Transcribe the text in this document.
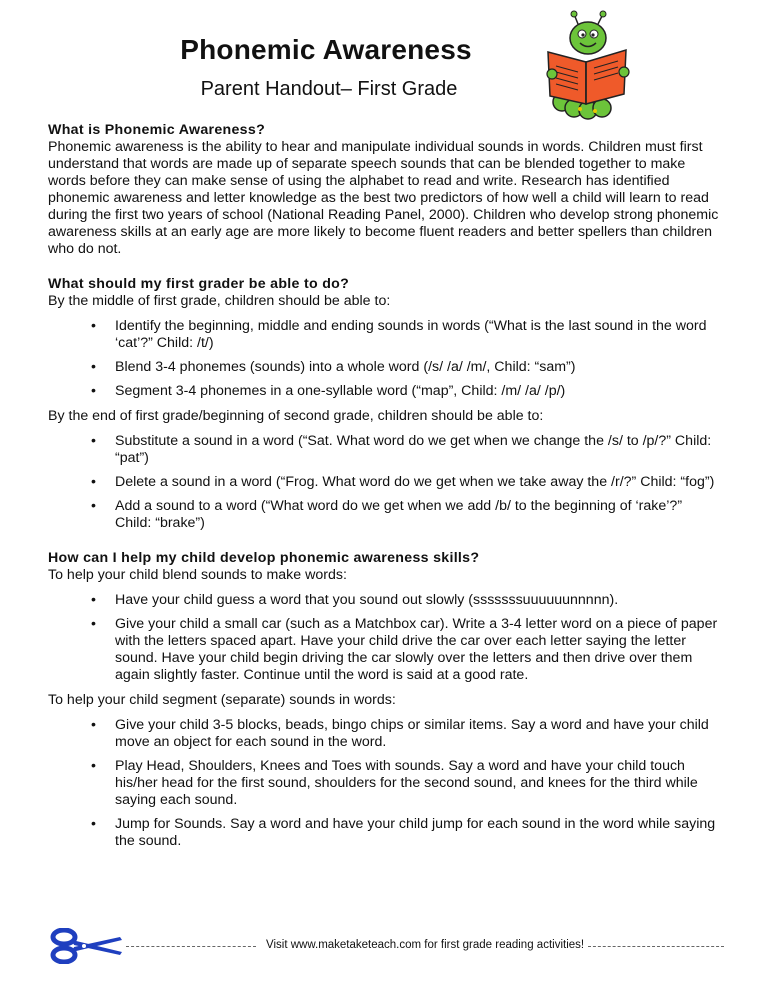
Phonemic Awareness
Parent Handout– First Grade

What is Phonemic Awareness?

Phonemic awareness is the ability to hear and manipulate individual sounds in words. Children must first understand that words are made up of separate speech sounds that can be blended together to make words before they can make sense of using the alphabet to read and write. Research has identified phonemic awareness and letter knowledge as the best two predictors of how well a child will learn to read during the first two years of school (National Reading Panel, 2000). Children who develop strong phonemic awareness skills at an early age are more likely to become fluent readers and better spellers than children who do not.

What should my first grader be able to do?

By the middle of first grade, children should be able to:

• Identify the beginning, middle and ending sounds in words (“What is the last sound in the word ‘cat’?” Child: /t/)
• Blend 3-4 phonemes (sounds) into a whole word (/s/ /a/ /m/, Child: “sam”)
• Segment 3-4 phonemes in a one-syllable word (“map”, Child: /m/ /a/ /p/)

By the end of first grade/beginning of second grade, children should be able to:

• Substitute a sound in a word (“Sat. What word do we get when we change the /s/ to /p/?” Child: “pat”)
• Delete a sound in a word (“Frog. What word do we get when we take away the /r/?” Child: “fog”)
• Add a sound to a word (“What word do we get when we add /b/ to the beginning of ‘rake’?” Child: “brake”)

How can I help my child develop phonemic awareness skills?

To help your child blend sounds to make words:

• Have your child guess a word that you sound out slowly (sssssssuuuuuunnnnn).
• Give your child a small car (such as a Matchbox car). Write a 3-4 letter word on a piece of paper with the letters spaced apart. Have your child drive the car over each letter saying the letter sound. Have your child begin driving the car slowly over the letters and then drive over them again slightly faster. Continue until the word is said at a good rate.

To help your child segment (separate) sounds in words:

• Give your child 3-5 blocks, beads, bingo chips or similar items. Say a word and have your child move an object for each sound in the word.
• Play Head, Shoulders, Knees and Toes with sounds. Say a word and have your child touch his/her head for the first sound, shoulders for the second sound, and knees for the third while saying each sound.
• Jump for Sounds. Say a word and have your child jump for each sound in the word while saying the sound.
Visit www.maketaketeach.com for first grade reading activities!
